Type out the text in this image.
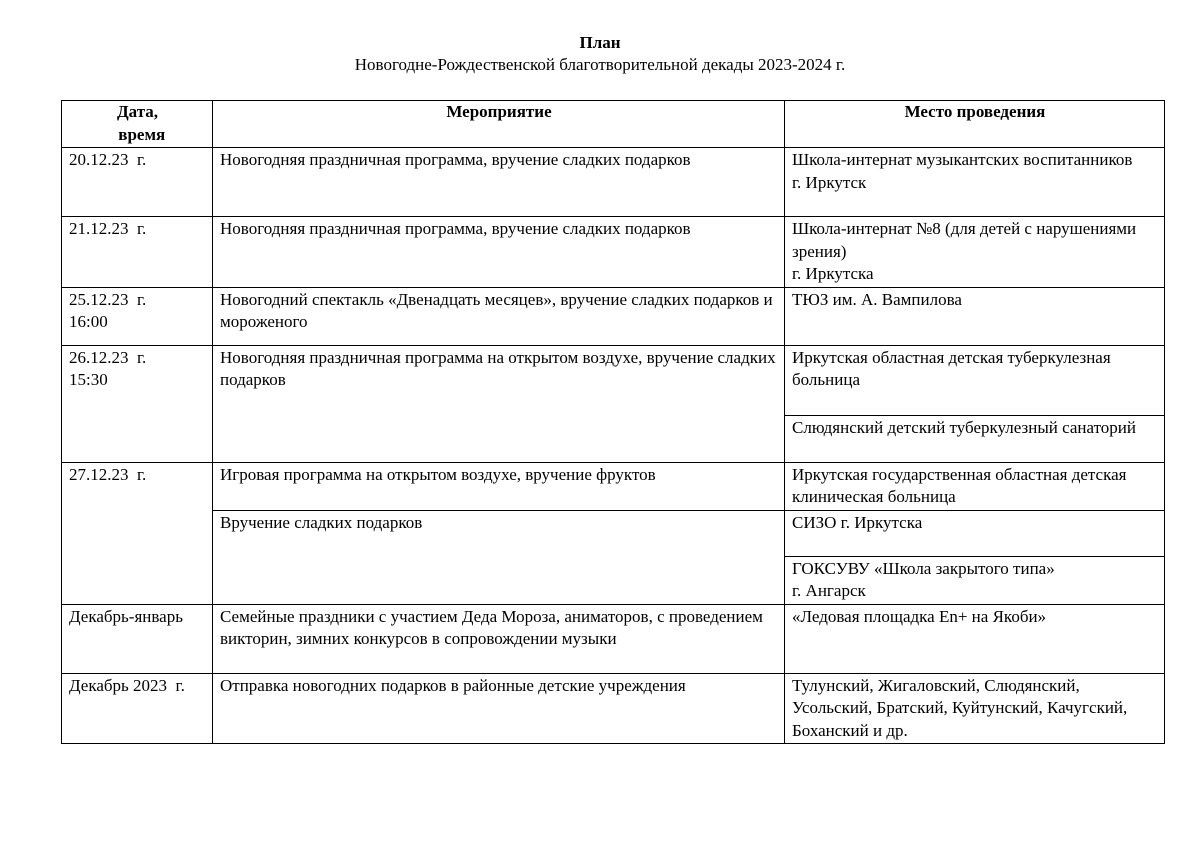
План
Новогодне-Рождественской благотворительной декады 2023-2024 г.
Дата,
время	Мероприятие	Место проведения
20.12.23  г.	Новогодняя праздничная программа, вручение сладких подарков	Школа-интернат музыкантских воспитанников
г. Иркутск
21.12.23  г.	Новогодняя праздничная программа, вручение сладких подарков	Школа-интернат №8 (для детей с нарушениями зрения)
г. Иркутска

25.12.23  г.
16:00	Новогодний спектакль «Двенадцать месяцев», вручение сладких подарков и мороженого	ТЮЗ им. А. Вампилова

26.12.23  г.
15:30	Новогодняя праздничная программа на открытом воздухе, вручение сладких подарков	Иркутская областная детская туберкулезная больница
		Слюдянский детский туберкулезный санаторий
27.12.23  г.	Игровая программа на открытом воздухе, вручение фруктов	Иркутская государственная областная детская клиническая больница
	Вручение сладких подарков	СИЗО г. Иркутска
		ГОКСУВУ «Школа закрытого типа»
г. Ангарск
Декабрь-январь	Семейные праздники с участием Деда Мороза, аниматоров, с проведением викторин, зимних конкурсов в сопровождении музыки	«Ледовая площадка En+ на Якоби»
Декабрь 2023  г.	Отправка новогодних подарков в районные детские учреждения	Тулунский, Жигаловский, Слюдянский, Усольский, Братский, Куйтунский, Качугский, Боханский и др.
